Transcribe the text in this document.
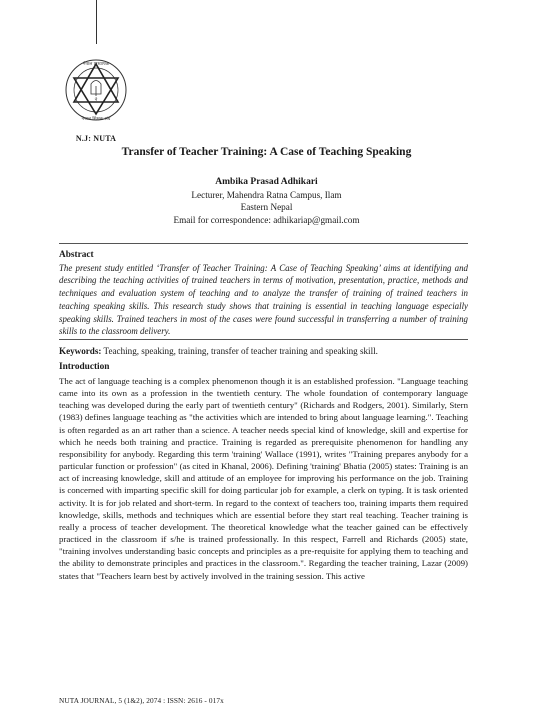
नेपाल प्राध्यापक
नेपाल शिक्षक संघ
ने
N.J: NUTA
Transfer of Teacher Training: A Case of Teaching Speaking
Ambika Prasad Adhikari
Lecturer, Mahendra Ratna Campus, Ilam
Eastern Nepal
Email for correspondence: adhikariap@gmail.com
Abstract
The present study entitled ‘Transfer of Teacher Training: A Case of Teaching Speaking’ aims at identifying and describing the teaching activities of trained teachers in terms of motivation, presentation, practice, methods and techniques and evaluation system of teaching and to analyze the transfer of training of trained teachers in teaching speaking skills. This research study shows that training is essential in teaching language especially speaking skills. Trained teachers in most of the cases were found successful in transferring a number of training skills to the classroom delivery.
Keywords: Teaching, speaking, training, transfer of teacher training and speaking skill.
Introduction

The act of language teaching is a complex phenomenon though it is an established profession. "Language teaching came into its own as a profession in the twentieth century. The whole foundation of contemporary language teaching was developed during the early part of twentieth century" (Richards and Rodgers, 2001). Similarly, Stern (1983) defines language teaching as "the activities which are intended to bring about language learning.". Teaching is often regarded as an art rather than a science. A teacher needs special kind of knowledge, skill and expertise for which he needs both training and practice. Training is regarded as prerequisite phenomenon for handling any responsibility for anybody. Regarding this term 'training' Wallace (1991), writes "Training prepares anybody for a particular function or profession" (as cited in Khanal, 2006). Defining 'training' Bhatia (2005) states: Training is an act of increasing knowledge, skill and attitude of an employee for improving his performance on the job. Training is concerned with imparting specific skill for doing particular job for example, a clerk on typing. It is task oriented activity. It is for job related and short-term. In regard to the context of teachers too, training imparts them required knowledge, skills, methods and techniques which are essential before they start real teaching. Teacher training is really a process of teacher development. The theoretical knowledge what the teacher gained can be effectively practiced in the classroom if s/he is trained professionally. In this respect, Farrell and Richards (2005) state, "training involves understanding basic concepts and principles as a pre-requisite for applying them to teaching and the ability to demonstrate principles and practices in the classroom.". Regarding the teacher training, Lazar (2009) states that "Teachers learn best by actively involved in the training session. This active

NUTA JOURNAL, 5 (1&2), 2074 : ISSN: 2616 - 017x
